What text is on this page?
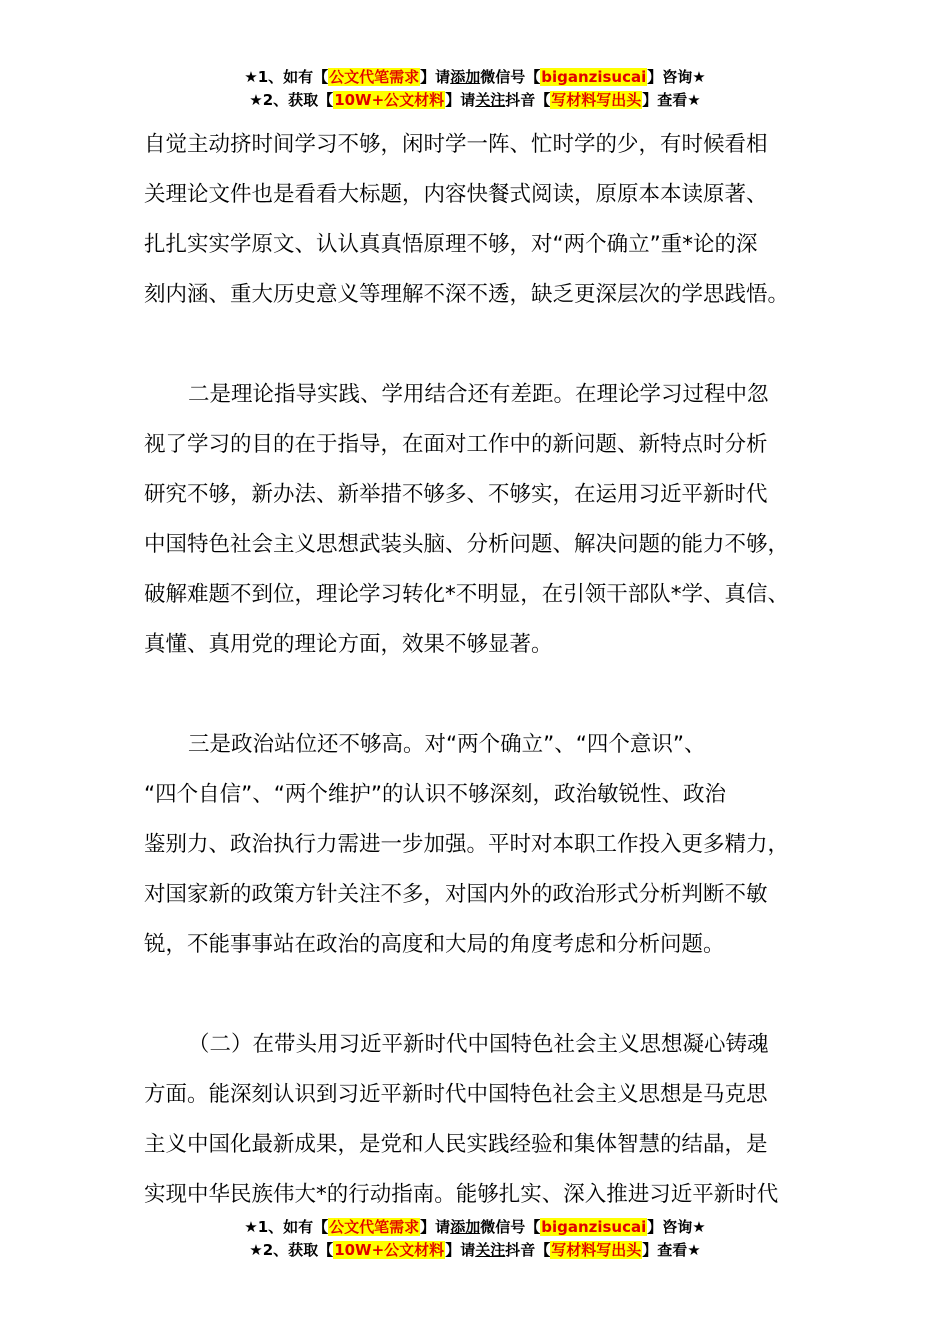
★1、如有【公文代笔需求】请添加微信号【biganzisucai】咨询★
★2、获取【10W+公文材料】请关注抖音【写材料写出头】查看★

自觉主动挤时间学习不够，闲时学一阵、忙时学的少，有时候看相

关理论文件也是看看大标题，内容快餐式阅读，原原本本读原著、

扎扎实实学原文、认认真真悟原理不够，对“两个确立”重*论的深

刻内涵、重大历史意义等理解不深不透，缺乏更深层次的学思践悟。

二是理论指导实践、学用结合还有差距。在理论学习过程中忽

视了学习的目的在于指导，在面对工作中的新问题、新特点时分析

研究不够，新办法、新举措不够多、不够实，在运用习近平新时代

中国特色社会主义思想武装头脑、分析问题、解决问题的能力不够，

破解难题不到位，理论学习转化*不明显，在引领干部队*学、真信、

真懂、真用党的理论方面，效果不够显著。

三是政治站位还不够高。对“两个确立”、“四个意识”、

“四个自信”、“两个维护”的认识不够深刻，政治敏锐性、政治

鉴别力、政治执行力需进一步加强。平时对本职工作投入更多精力，

对国家新的政策方针关注不多，对国内外的政治形式分析判断不敏

锐，不能事事站在政治的高度和大局的角度考虑和分析问题。

（二）在带头用习近平新时代中国特色社会主义思想凝心铸魂

方面。能深刻认识到习近平新时代中国特色社会主义思想是马克思

主义中国化最新成果，是党和人民实践经验和集体智慧的结晶，是

实现中华民族伟大*的行动指南。能够扎实、深入推进习近平新时代

★1、如有【公文代笔需求】请添加微信号【biganzisucai】咨询★
★2、获取【10W+公文材料】请关注抖音【写材料写出头】查看★
